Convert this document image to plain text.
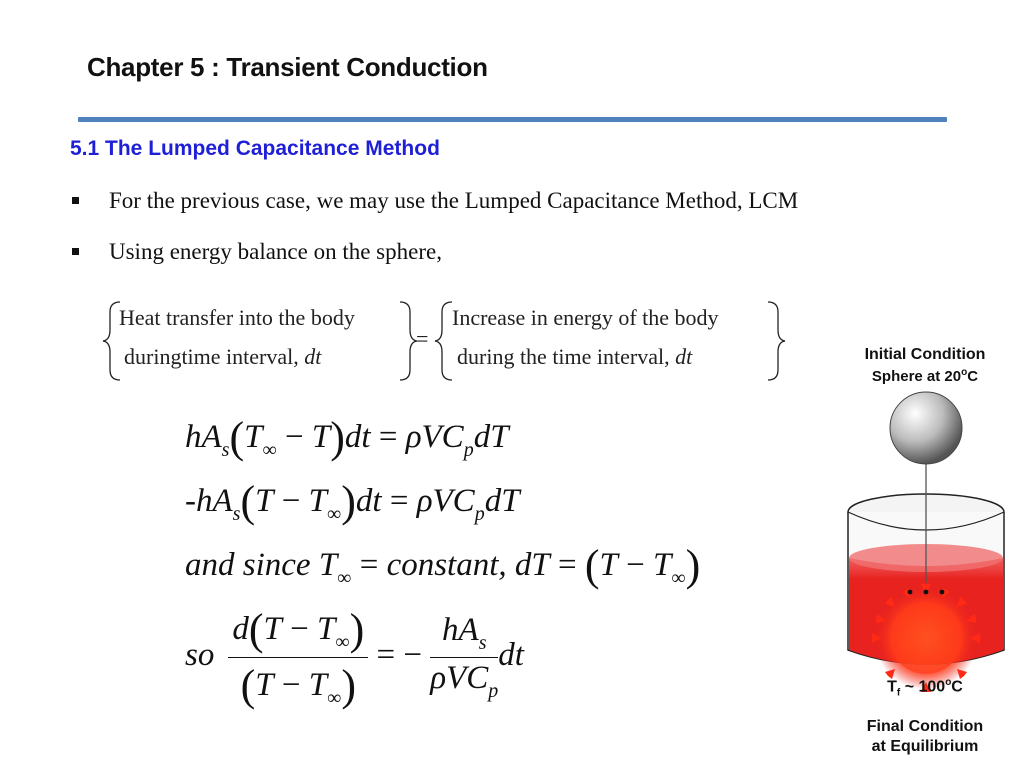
Chapter 5 : Transient Conduction
5.1 The Lumped Capacitance Method
For the previous case, we may use the Lumped Capacitance Method, LCM
Using energy balance on the sphere,
Heat transfer into the body
duringtime interval, dt
=
Increase in energy of the body
during the time interval, dt
$hA_s(T_\infty - T)dt = \rho VC_pdT$
$-hA_s(T - T_\infty)dt = \rho VC_pdT$
and since $T_\infty$ = constant, dT = $(T - T_\infty)$
so $\frac{d(T - T_\infty)}{(T - T_\infty)}$ = − $\frac{hA_s}{\rho VC_p}$ dt
Initial Condition
Sphere at 20$^o$C
$T_f$ ~ 100$^o$C
Final Condition
at Equilibrium
